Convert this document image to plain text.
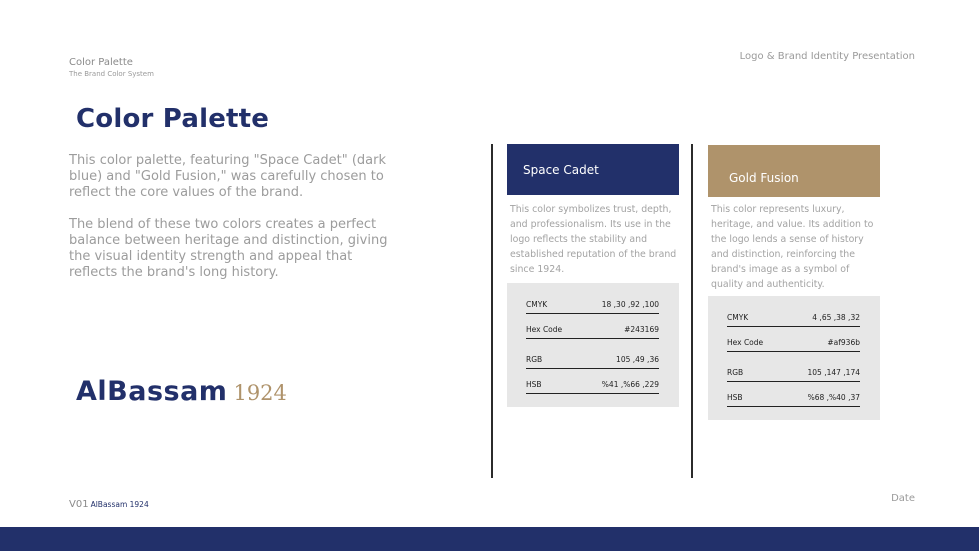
Color Palette
The Brand Color System
Logo & Brand Identity Presentation
Color Palette
This color palette, featuring "Space Cadet" (dark blue) and "Gold Fusion," was carefully chosen to reflect the core values of the brand.
The blend of these two colors creates a perfect balance between heritage and distinction, giving the visual identity strength and appeal that reflects the brand's long history.
AlBassam 1924
Space Cadet
This color symbolizes trust, depth, and professionalism. Its use in the logo reflects the stability and established reputation of the brand since 1924.
CMYK	18 ,30 ,92 ,100
Hex Code	#243169
RGB	105 ,49 ,36
HSB	%41 ,%66 ,229
Gold Fusion
This color represents luxury, heritage, and value. Its addition to the logo lends a sense of history and distinction, reinforcing the brand's image as a symbol of quality and authenticity.
CMYK	4 ,65 ,38 ,32
Hex Code	#af936b
RGB	105 ,147 ,174
HSB	%68 ,%40 ,37
V01 AlBassam 1924
Date
